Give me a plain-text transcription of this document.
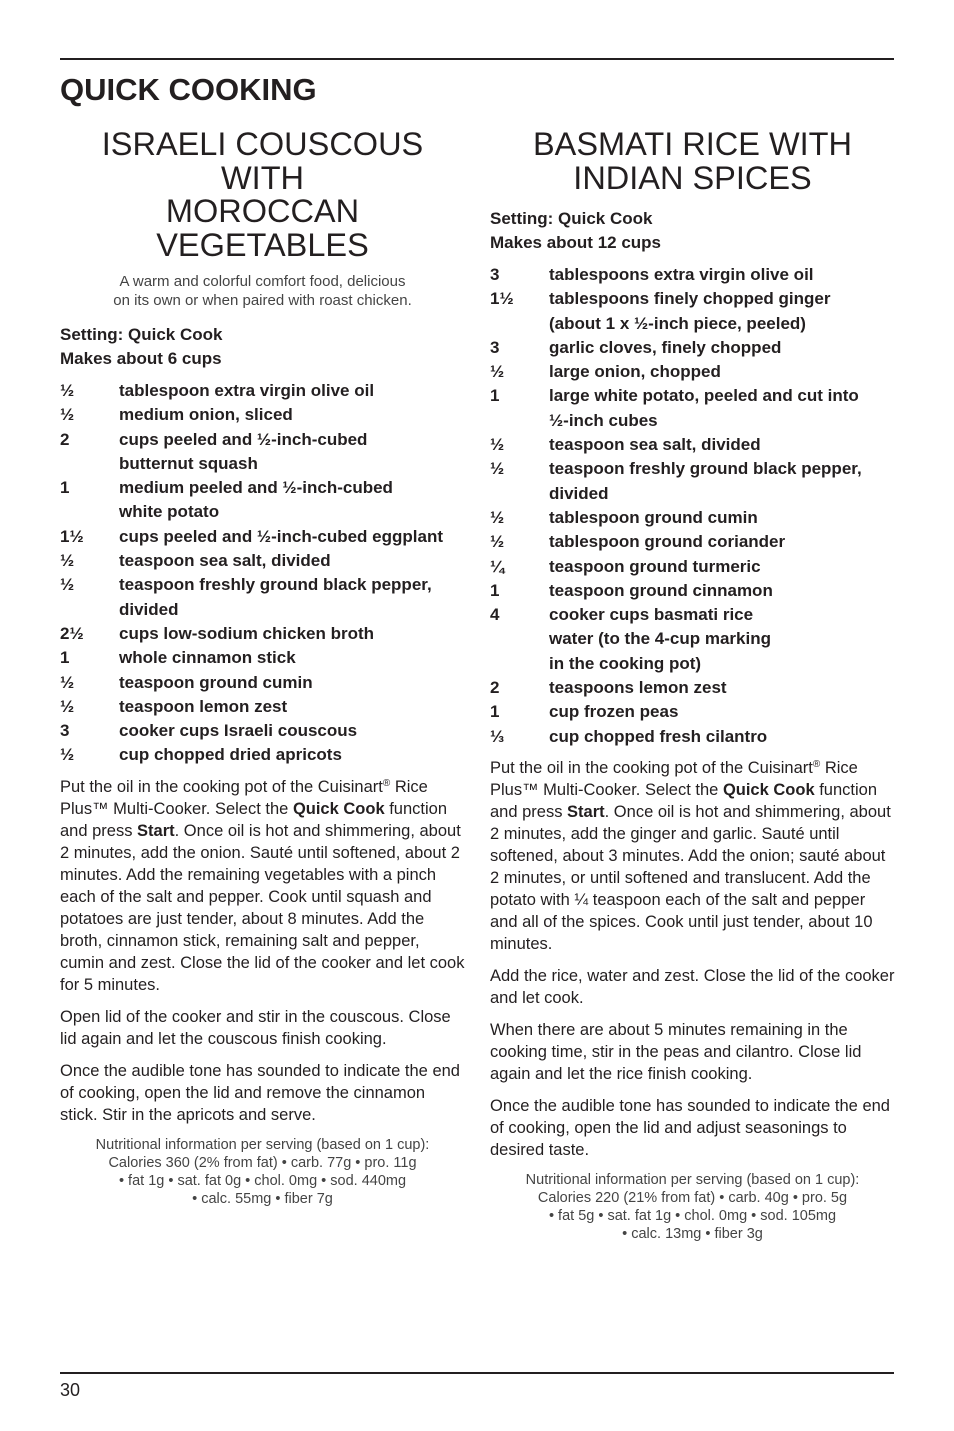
QUICK COOKING
ISRAELI COUSCOUS
WITH
MOROCCAN
VEGETABLES
A warm and colorful comfort food, delicious
on its own or when paired with roast chicken.
Setting: Quick Cook
Makes about 6 cups
½	tablespoon extra virgin olive oil
½	medium onion, sliced
2	cups peeled and ½-inch-cubed
butternut squash
1	medium peeled and ½-inch-cubed
white potato
1½	cups peeled and ½-inch-cubed eggplant
½	teaspoon sea salt, divided
½	teaspoon freshly ground black pepper,
divided
2½	cups low-sodium chicken broth
1	whole cinnamon stick
½	teaspoon ground cumin
½	teaspoon lemon zest
3	cooker cups Israeli couscous
½	cup chopped dried apricots

Put the oil in the cooking pot of the Cuisinart® Rice Plus™ Multi-Cooker. Select the Quick Cook function and press Start. Once oil is hot and shimmering, about 2 minutes, add the onion. Sauté until softened, about 2 minutes. Add the remaining vegetables with a pinch each of the salt and pepper. Cook until squash and potatoes are just tender, about 8 minutes. Add the broth, cinnamon stick, remaining salt and pepper, cumin and zest. Close the lid of the cooker and let cook for 5 minutes.

Open lid of the cooker and stir in the couscous. Close lid again and let the couscous finish cooking.

Once the audible tone has sounded to indicate the end of cooking, open the lid and remove the cinnamon stick. Stir in the apricots and serve.

Nutritional information per serving (based on 1 cup):
Calories 360 (2% from fat) • carb. 77g • pro. 11g
• fat 1g • sat. fat 0g • chol. 0mg • sod. 440mg
• calc. 55mg • fiber 7g
BASMATI RICE WITH
INDIAN SPICES
Setting: Quick Cook
Makes about 12 cups
3	tablespoons extra virgin olive oil
1½	tablespoons finely chopped ginger
(about 1 x ½-inch piece, peeled)
3	garlic cloves, finely chopped
½	large onion, chopped
1	large white potato, peeled and cut into
½-inch cubes
½	teaspoon sea salt, divided
½	teaspoon freshly ground black pepper,
divided
½	tablespoon ground cumin
½	tablespoon ground coriander
¼	teaspoon ground turmeric
1	teaspoon ground cinnamon
4	cooker cups basmati rice
water (to the 4-cup marking
in the cooking pot)
2	teaspoons lemon zest
1	cup frozen peas
⅓	cup chopped fresh cilantro

Put the oil in the cooking pot of the Cuisinart® Rice Plus™ Multi-Cooker. Select the Quick Cook function and press Start. Once oil is hot and shimmering, about 2 minutes, add the ginger and garlic. Sauté until softened, about 3 minutes. Add the onion; sauté about 2 minutes, or until softened and translucent. Add the potato with ¼ teaspoon each of the salt and pepper and all of the spices. Cook until just tender, about 10 minutes.

Add the rice, water and zest. Close the lid of the cooker and let cook.

When there are about 5 minutes remaining in the cooking time, stir in the peas and cilantro. Close lid again and let the rice finish cooking.

Once the audible tone has sounded to indicate the end of cooking, open the lid and adjust seasonings to desired taste.

Nutritional information per serving (based on 1 cup):
Calories 220 (21% from fat) • carb. 40g • pro. 5g
• fat 5g • sat. fat 1g • chol. 0mg • sod. 105mg
• calc. 13mg • fiber 3g
30
